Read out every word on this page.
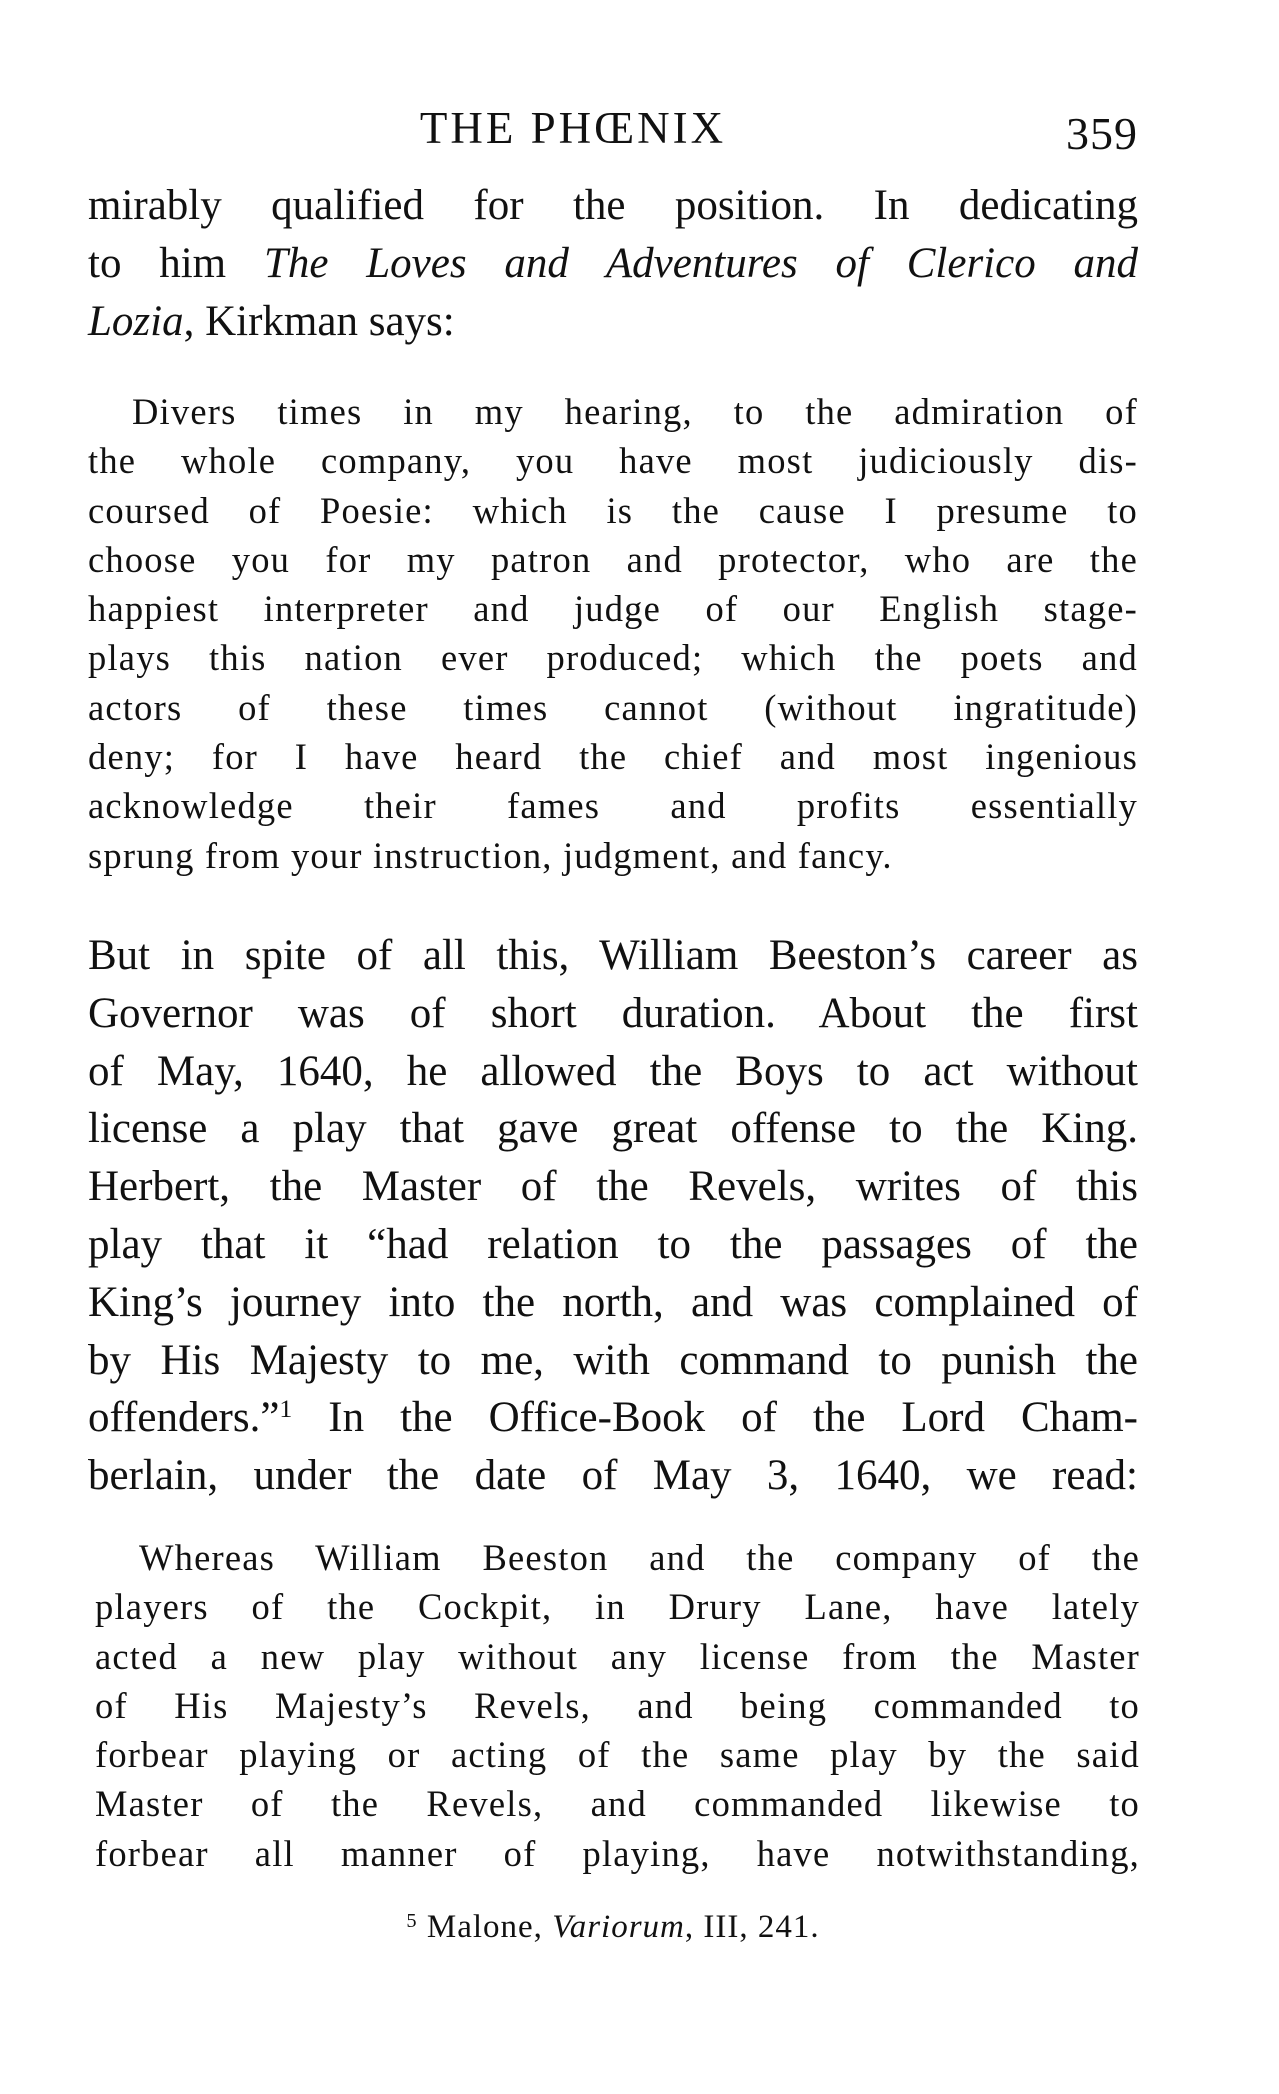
THE PHŒNIX	359
mirably qualified for the position. In dedicating
to him The Loves and Adventures of Clerico and
Lozia, Kirkman says:
Divers times in my hearing, to the admiration of
the whole company, you have most judiciously dis-
coursed of Poesie: which is the cause I presume to
choose you for my patron and protector, who are the
happiest interpreter and judge of our English stage-
plays this nation ever produced; which the poets and
actors of these times cannot (without ingratitude)
deny; for I have heard the chief and most ingenious
acknowledge their fames and profits essentially
sprung from your instruction, judgment, and fancy.
But in spite of all this, William Beeston’s career as
Governor was of short duration. About the first
of May, 1640, he allowed the Boys to act without
license a play that gave great offense to the King.
Herbert, the Master of the Revels, writes of this
play that it “had relation to the passages of the
King’s journey into the north, and was complained of
by His Majesty to me, with command to punish the
offenders.”$^1$ In the Office-Book of the Lord Cham-
berlain, under the date of May 3, 1640, we read:
Whereas William Beeston and the company of the
players of the Cockpit, in Drury Lane, have lately
acted a new play without any license from the Master
of His Majesty’s Revels, and being commanded to
forbear playing or acting of the same play by the said
Master of the Revels, and commanded likewise to
forbear all manner of playing, have notwithstanding,
$^5$ Malone, Variorum, III, 241.
